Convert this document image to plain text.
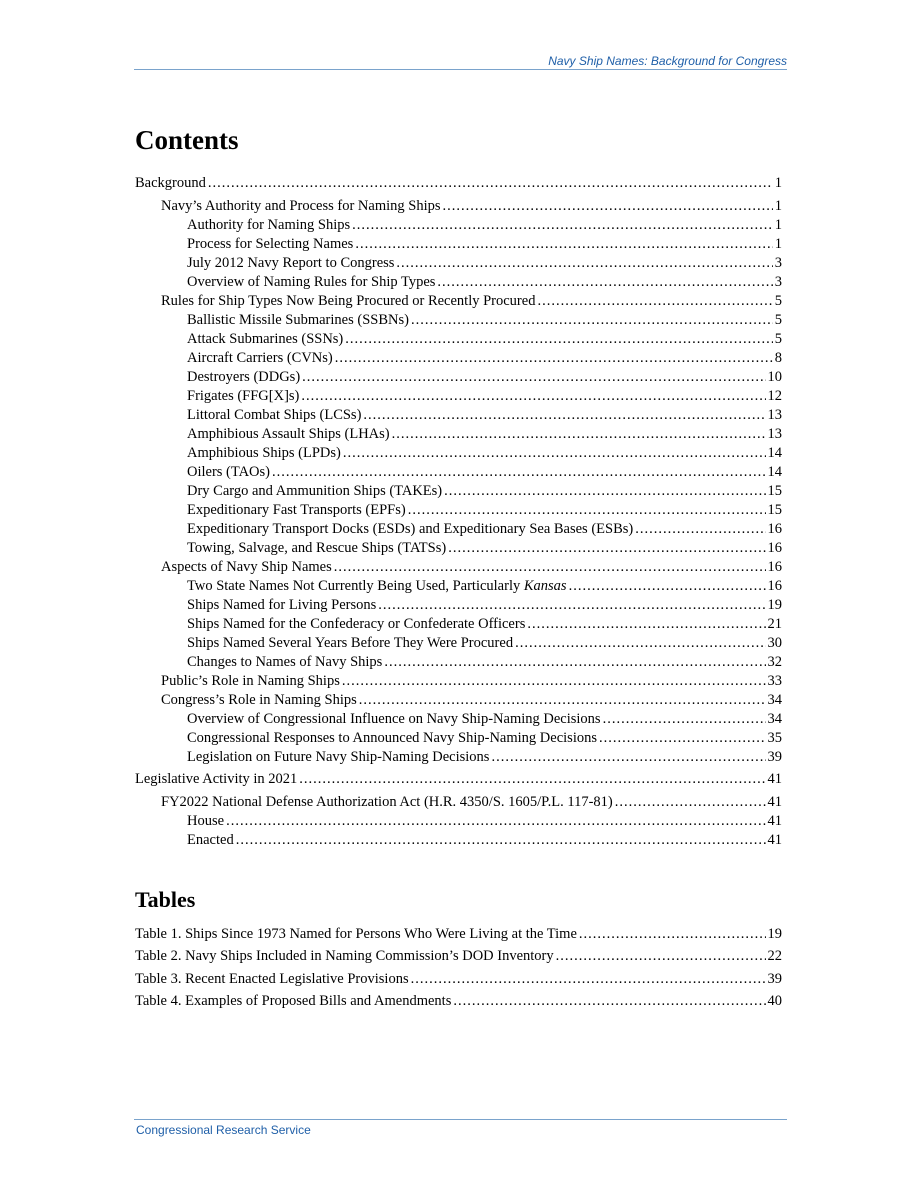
Navy Ship Names: Background for Congress
Contents
Background .....	1
Navy’s Authority and Process for Naming Ships .....	1
Authority for Naming Ships .....	1
Process for Selecting Names .....	1
July 2012 Navy Report to Congress .....	3
Overview of Naming Rules for Ship Types .....	3
Rules for Ship Types Now Being Procured or Recently Procured .....	5
Ballistic Missile Submarines (SSBNs) .....	5
Attack Submarines (SSNs) .....	5
Aircraft Carriers (CVNs) .....	8
Destroyers (DDGs) .....	10
Frigates (FFG[X]s) .....	12
Littoral Combat Ships (LCSs) .....	13
Amphibious Assault Ships (LHAs) .....	13
Amphibious Ships (LPDs) .....	14
Oilers (TAOs) .....	14
Dry Cargo and Ammunition Ships (TAKEs) .....	15
Expeditionary Fast Transports (EPFs) .....	15
Expeditionary Transport Docks (ESDs) and Expeditionary Sea Bases (ESBs) .....	16
Towing, Salvage, and Rescue Ships (TATSs) .....	16
Aspects of Navy Ship Names .....	16
Two State Names Not Currently Being Used, Particularly Kansas .....	16
Ships Named for Living Persons .....	19
Ships Named for the Confederacy or Confederate Officers .....	21
Ships Named Several Years Before They Were Procured .....	30
Changes to Names of Navy Ships .....	32
Public’s Role in Naming Ships .....	33
Congress’s Role in Naming Ships .....	34
Overview of Congressional Influence on Navy Ship-Naming Decisions .....	34
Congressional Responses to Announced Navy Ship-Naming Decisions .....	35
Legislation on Future Navy Ship-Naming Decisions .....	39
Legislative Activity in 2021 .....	41
FY2022 National Defense Authorization Act (H.R. 4350/S. 1605/P.L. 117-81) .....	41
House .....	41
Enacted .....	41
Tables
Table 1. Ships Since 1973 Named for Persons Who Were Living at the Time .....	19
Table 2. Navy Ships Included in Naming Commission’s DOD Inventory .....	22
Table 3. Recent Enacted Legislative Provisions .....	39
Table 4. Examples of Proposed Bills and Amendments .....	40
Congressional Research Service
